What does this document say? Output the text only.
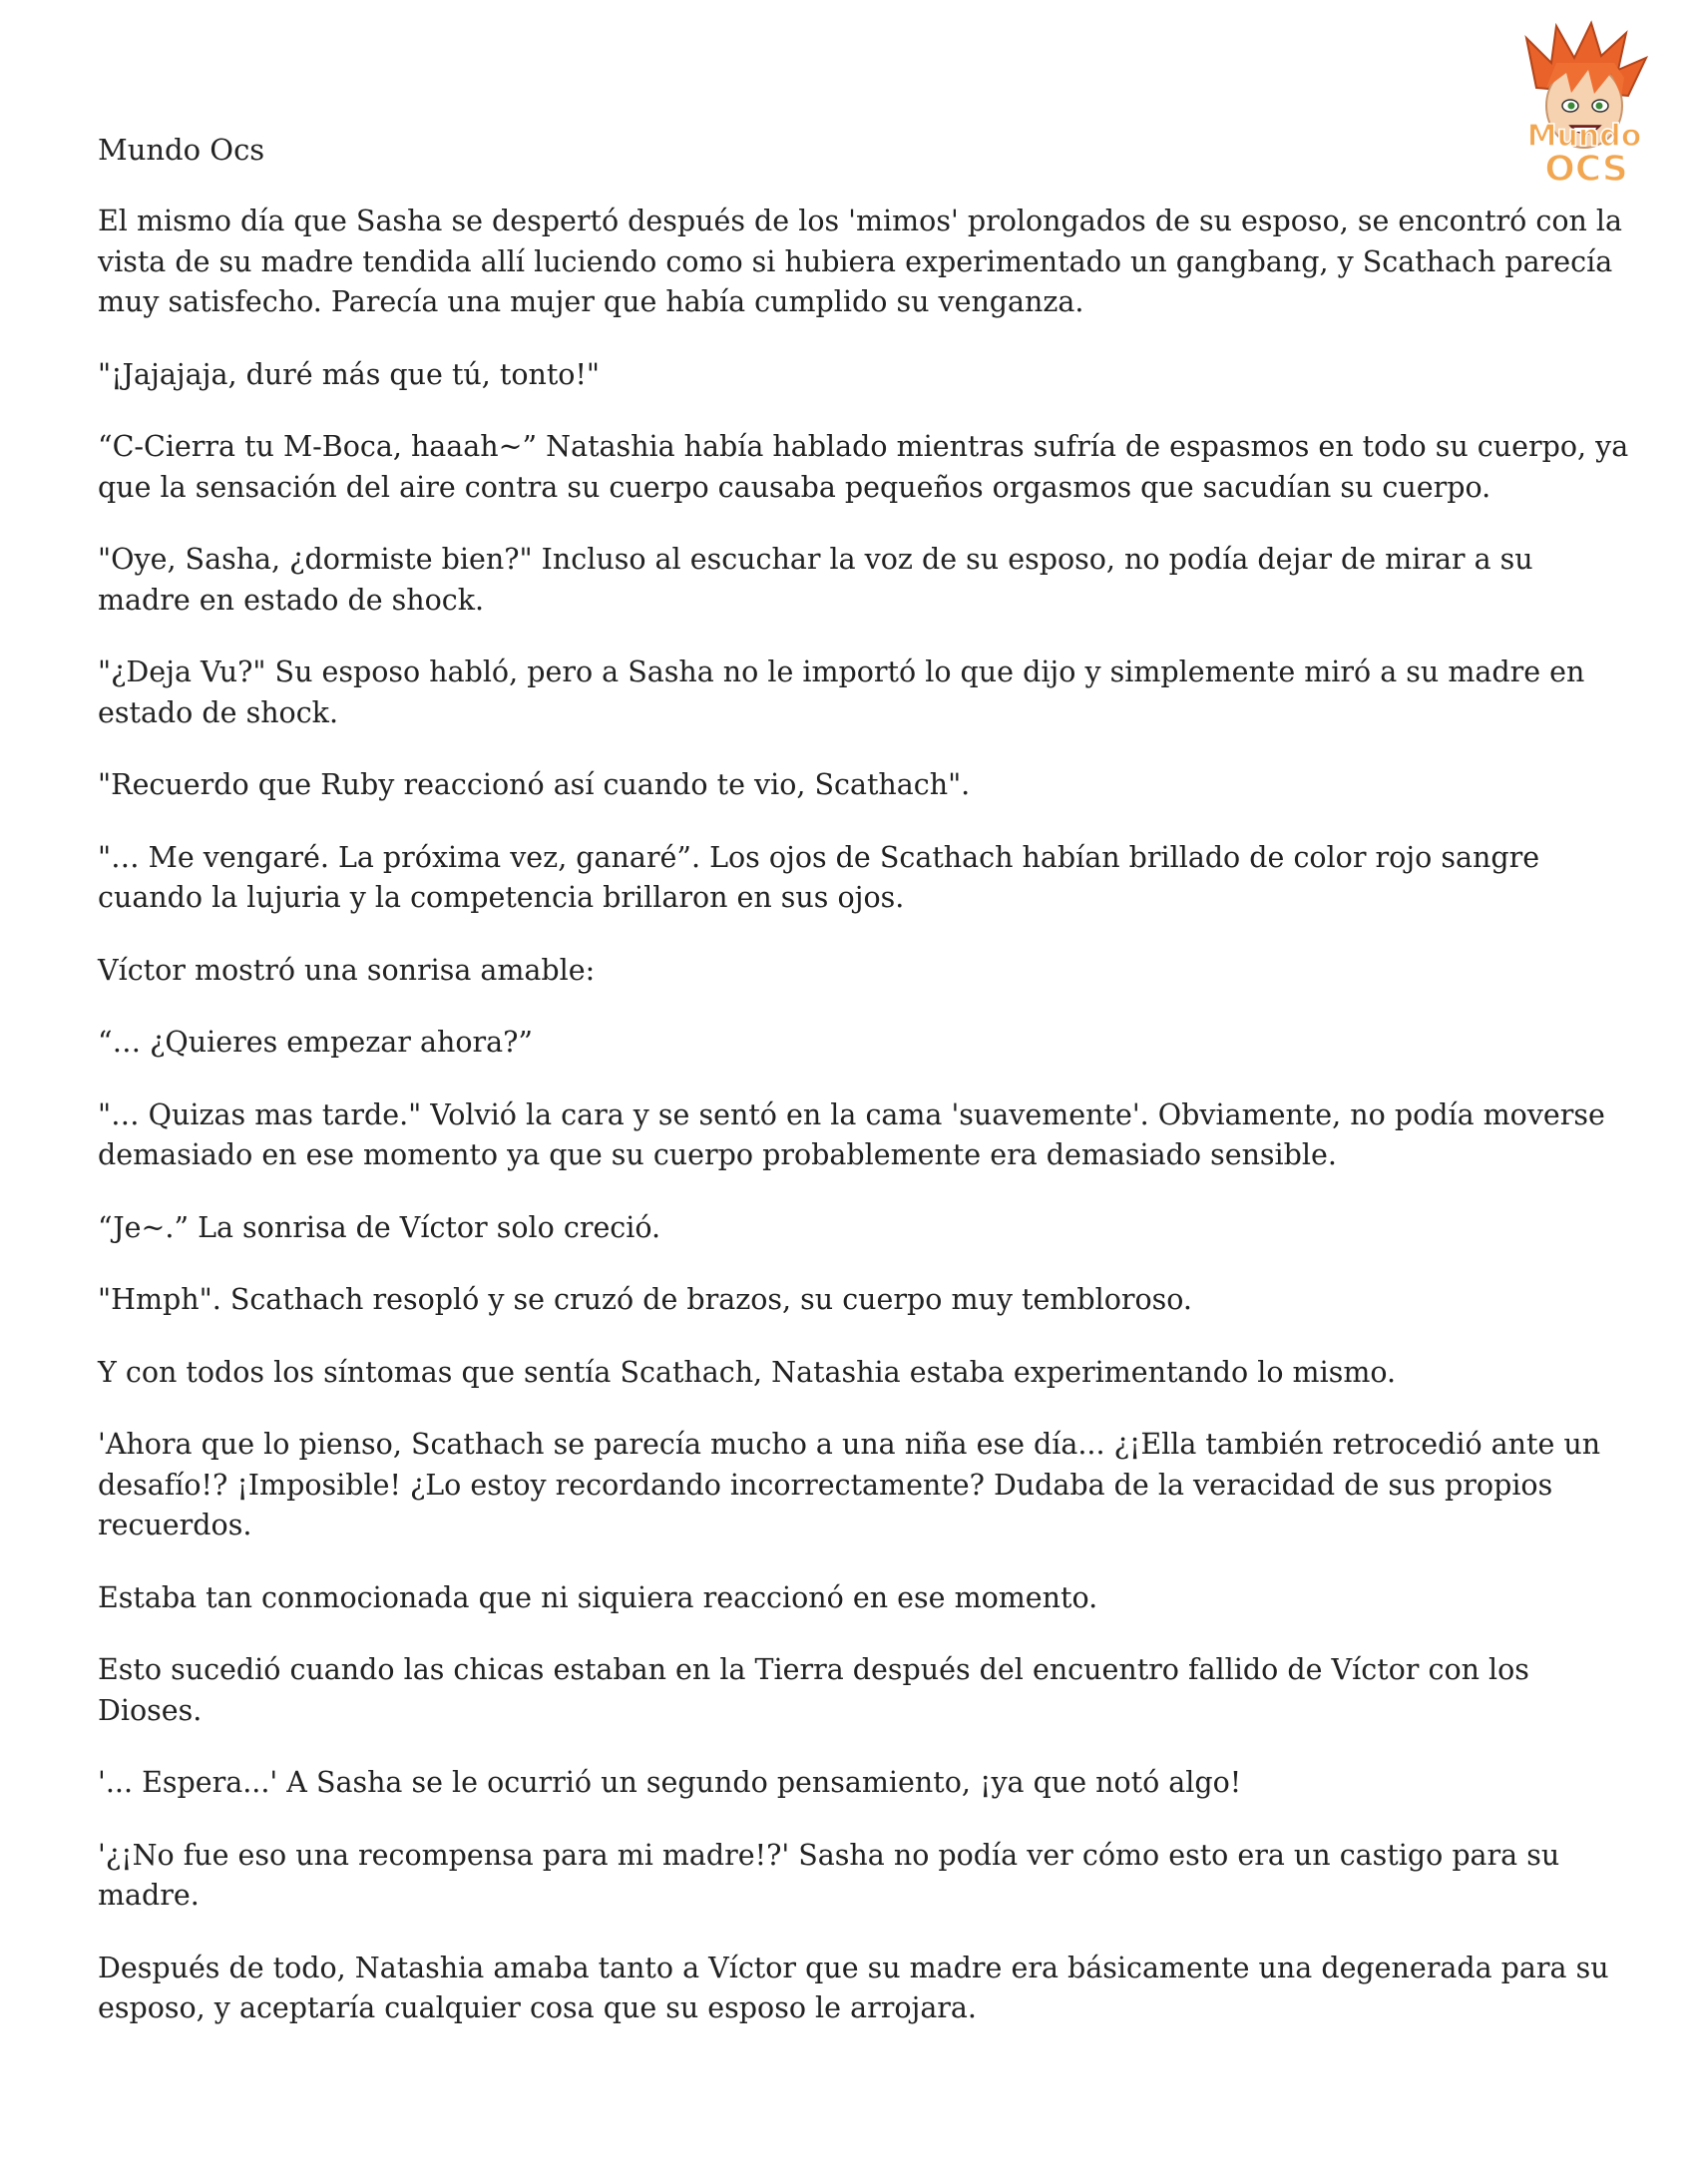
Mundo
OCS
Mundo Ocs

El mismo día que Sasha se despertó después de los 'mimos' prolongados de su esposo, se encontró con la vista de su madre tendida allí luciendo como si hubiera experimentado un gangbang, y Scathach parecía muy satisfecho. Parecía una mujer que había cumplido su venganza.

"¡Jajajaja, duré más que tú, tonto!"

“C-Cierra tu M-Boca, haaah~” Natashia había hablado mientras sufría de espasmos en todo su cuerpo, ya que la sensación del aire contra su cuerpo causaba pequeños orgasmos que sacudían su cuerpo.

"Oye, Sasha, ¿dormiste bien?" Incluso al escuchar la voz de su esposo, no podía dejar de mirar a su madre en estado de shock.

"¿Deja Vu?" Su esposo habló, pero a Sasha no le importó lo que dijo y simplemente miró a su madre en estado de shock.

"Recuerdo que Ruby reaccionó así cuando te vio, Scathach".

"… Me vengaré. La próxima vez, ganaré”. Los ojos de Scathach habían brillado de color rojo sangre cuando la lujuria y la competencia brillaron en sus ojos.

Víctor mostró una sonrisa amable:

“… ¿Quieres empezar ahora?”

"… Quizas mas tarde." Volvió la cara y se sentó en la cama 'suavemente'. Obviamente, no podía moverse demasiado en ese momento ya que su cuerpo probablemente era demasiado sensible.

“Je~.” La sonrisa de Víctor solo creció.

"Hmph". Scathach resopló y se cruzó de brazos, su cuerpo muy tembloroso.

Y con todos los síntomas que sentía Scathach, Natashia estaba experimentando lo mismo.

'Ahora que lo pienso, Scathach se parecía mucho a una niña ese día... ¿¡Ella también retrocedió ante un desafío!? ¡Imposible! ¿Lo estoy recordando incorrectamente? Dudaba de la veracidad de sus propios recuerdos.

Estaba tan conmocionada que ni siquiera reaccionó en ese momento.

Esto sucedió cuando las chicas estaban en la Tierra después del encuentro fallido de Víctor con los Dioses.

'... Espera...' A Sasha se le ocurrió un segundo pensamiento, ¡ya que notó algo!

'¿¡No fue eso una recompensa para mi madre!?' Sasha no podía ver cómo esto era un castigo para su madre.

Después de todo, Natashia amaba tanto a Víctor que su madre era básicamente una degenerada para su esposo, y aceptaría cualquier cosa que su esposo le arrojara.
